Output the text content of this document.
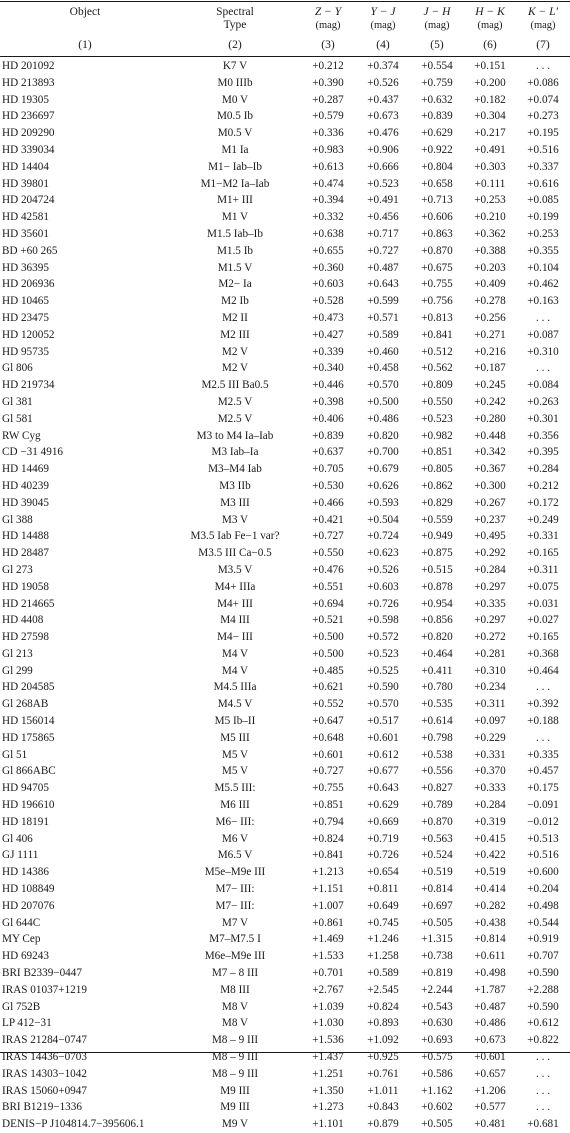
Object	Spectral	Z − Y	Y − J	J − H	H − K	K − L′
	Type	(mag)	(mag)	(mag)	(mag)	(mag)
(1)	(2)	(3)	(4)	(5)	(6)	(7)
HD 201092	K7 V	+0.212	+0.374	+0.554	+0.151	. . .
HD 213893	M0 IIIb	+0.390	+0.526	+0.759	+0.200	+0.086
HD 19305	M0 V	+0.287	+0.437	+0.632	+0.182	+0.074
HD 236697	M0.5 Ib	+0.579	+0.673	+0.839	+0.304	+0.273
HD 209290	M0.5 V	+0.336	+0.476	+0.629	+0.217	+0.195
HD 339034	M1 Ia	+0.983	+0.906	+0.922	+0.491	+0.516
HD 14404	M1− Iab–Ib	+0.613	+0.666	+0.804	+0.303	+0.337
HD 39801	M1−M2 Ia–Iab	+0.474	+0.523	+0.658	+0.111	+0.616
HD 204724	M1+ III	+0.394	+0.491	+0.713	+0.253	+0.085
HD 42581	M1 V	+0.332	+0.456	+0.606	+0.210	+0.199
HD 35601	M1.5 Iab–Ib	+0.638	+0.717	+0.863	+0.362	+0.253
BD +60 265	M1.5 Ib	+0.655	+0.727	+0.870	+0.388	+0.355
HD 36395	M1.5 V	+0.360	+0.487	+0.675	+0.203	+0.104
HD 206936	M2− Ia	+0.603	+0.643	+0.755	+0.409	+0.462
HD 10465	M2 Ib	+0.528	+0.599	+0.756	+0.278	+0.163
HD 23475	M2 II	+0.473	+0.571	+0.813	+0.256	. . .
HD 120052	M2 III	+0.427	+0.589	+0.841	+0.271	+0.087
HD 95735	M2 V	+0.339	+0.460	+0.512	+0.216	+0.310
Gl 806	M2 V	+0.340	+0.458	+0.562	+0.187	. . .
HD 219734	M2.5 III Ba0.5	+0.446	+0.570	+0.809	+0.245	+0.084
Gl 381	M2.5 V	+0.398	+0.500	+0.550	+0.242	+0.263
Gl 581	M2.5 V	+0.406	+0.486	+0.523	+0.280	+0.301
RW Cyg	M3 to M4 Ia–Iab	+0.839	+0.820	+0.982	+0.448	+0.356
CD −31 4916	M3 Iab–Ia	+0.637	+0.700	+0.851	+0.342	+0.395
HD 14469	M3–M4 Iab	+0.705	+0.679	+0.805	+0.367	+0.284
HD 40239	M3 IIb	+0.530	+0.626	+0.862	+0.300	+0.212
HD 39045	M3 III	+0.466	+0.593	+0.829	+0.267	+0.172
Gl 388	M3 V	+0.421	+0.504	+0.559	+0.237	+0.249
HD 14488	M3.5 Iab Fe−1 var?	+0.727	+0.724	+0.949	+0.495	+0.331
HD 28487	M3.5 III Ca−0.5	+0.550	+0.623	+0.875	+0.292	+0.165
Gl 273	M3.5 V	+0.476	+0.526	+0.515	+0.284	+0.311
HD 19058	M4+ IIIa	+0.551	+0.603	+0.878	+0.297	+0.075
HD 214665	M4+ III	+0.694	+0.726	+0.954	+0.335	+0.031
HD 4408	M4 III	+0.521	+0.598	+0.856	+0.297	+0.027
HD 27598	M4− III	+0.500	+0.572	+0.820	+0.272	+0.165
Gl 213	M4 V	+0.500	+0.523	+0.464	+0.281	+0.368
Gl 299	M4 V	+0.485	+0.525	+0.411	+0.310	+0.464
HD 204585	M4.5 IIIa	+0.621	+0.590	+0.780	+0.234	. . .
Gl 268AB	M4.5 V	+0.552	+0.570	+0.535	+0.311	+0.392
HD 156014	M5 Ib–II	+0.647	+0.517	+0.614	+0.097	+0.188
HD 175865	M5 III	+0.648	+0.601	+0.798	+0.229	. . .
Gl 51	M5 V	+0.601	+0.612	+0.538	+0.331	+0.335
Gl 866ABC	M5 V	+0.727	+0.677	+0.556	+0.370	+0.457
HD 94705	M5.5 III:	+0.755	+0.643	+0.827	+0.333	+0.175
HD 196610	M6 III	+0.851	+0.629	+0.789	+0.284	−0.091
HD 18191	M6− III:	+0.794	+0.669	+0.870	+0.319	−0.012
Gl 406	M6 V	+0.824	+0.719	+0.563	+0.415	+0.513
GJ 1111	M6.5 V	+0.841	+0.726	+0.524	+0.422	+0.516
HD 14386	M5e–M9e III	+1.213	+0.654	+0.519	+0.519	+0.600
HD 108849	M7− III:	+1.151	+0.811	+0.814	+0.414	+0.204
HD 207076	M7− III:	+1.007	+0.649	+0.697	+0.282	+0.498
Gl 644C	M7 V	+0.861	+0.745	+0.505	+0.438	+0.544
MY Cep	M7–M7.5 I	+1.469	+1.246	+1.315	+0.814	+0.919
HD 69243	M6e–M9e III	+1.533	+1.258	+0.738	+0.611	+0.707
BRI B2339−0447	M7 – 8 III	+0.701	+0.589	+0.819	+0.498	+0.590
IRAS 01037+1219	M8 III	+2.767	+2.545	+2.244	+1.787	+2.288
Gl 752B	M8 V	+1.039	+0.824	+0.543	+0.487	+0.590
LP 412−31	M8 V	+1.030	+0.893	+0.630	+0.486	+0.612
IRAS 21284−0747	M8 – 9 III	+1.536	+1.092	+0.693	+0.673	+0.822
IRAS 14436−0703	M8 – 9 III	+1.437	+0.925	+0.575	+0.601	. . .
IRAS 14303−1042	M8 – 9 III	+1.251	+0.761	+0.586	+0.657	. . .
IRAS 15060+0947	M9 III	+1.350	+1.011	+1.162	+1.206	. . .
BRI B1219−1336	M9 III	+1.273	+0.843	+0.602	+0.577	. . .
DENIS−P J104814.7−395606.1	M9 V	+1.101	+0.879	+0.505	+0.481	+0.681
